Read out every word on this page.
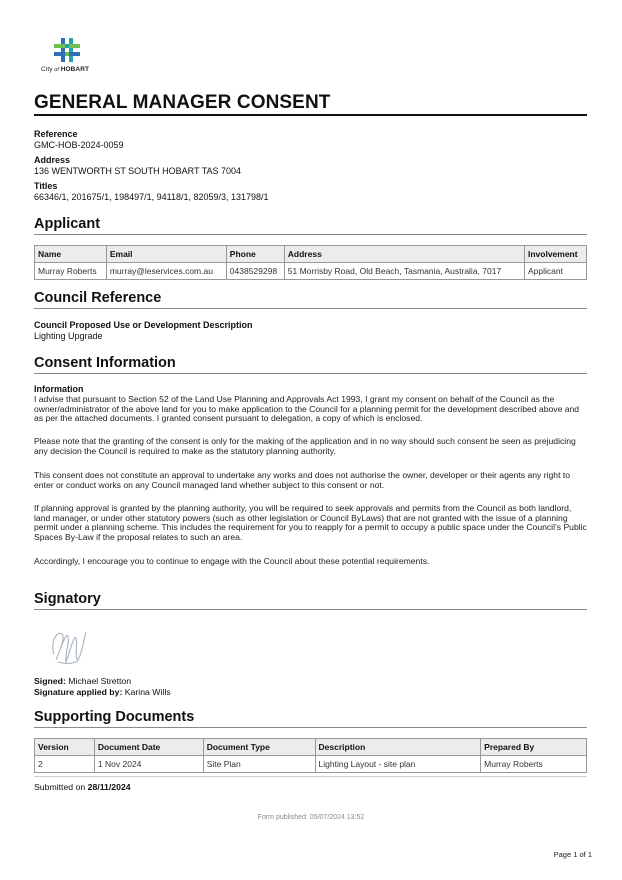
City of HOBART
GENERAL MANAGER CONSENT
Reference
GMC-HOB-2024-0059
Address
136 WENTWORTH ST SOUTH HOBART TAS 7004
Titles
66346/1, 201675/1, 198497/1, 94118/1, 82059/3, 131798/1
Applicant
Name	Email	Phone	Address	Involvement
Murray Roberts	murray@leservices.com.au	0438529298	51 Morrisby Road, Old Beach, Tasmania, Australia, 7017	Applicant
Council Reference
Council Proposed Use or Development Description
Lighting Upgrade
Consent Information
Information

I advise that pursuant to Section 52 of the Land Use Planning and Approvals Act 1993, I grant my consent on behalf of the Council as the owner/administrator of the above land for you to make application to the Council for a planning permit for the development described above and as per the attached documents. I granted consent pursuant to delegation, a copy of which is enclosed.

Please note that the granting of the consent is only for the making of the application and in no way should such consent be seen as prejudicing any decision the Council is required to make as the statutory planning authority.

This consent does not constitute an approval to undertake any works and does not authorise the owner, developer or their agents any right to enter or conduct works on any Council managed land whether subject to this consent or not.

If planning approval is granted by the planning authority, you will be required to seek approvals and permits from the Council as both landlord, land manager, or under other statutory powers (such as other legislation or Council ByLaws) that are not granted with the issue of a planning permit under a planning scheme. This includes the requirement for you to reapply for a permit to occupy a public space under the Council’s Public Spaces By-Law if the proposal relates to such an area.

Accordingly, I encourage you to continue to engage with the Council about these potential requirements.

Signatory
Signed: Michael Stretton
Signature applied by: Karina Wills
Supporting Documents
Version	Document Date	Document Type	Description	Prepared By
2	1 Nov 2024	Site Plan	Lighting Layout - site plan	Murray Roberts
Submitted on 28/11/2024
Form published: 05/07/2024 13:52
Page 1 of 1
